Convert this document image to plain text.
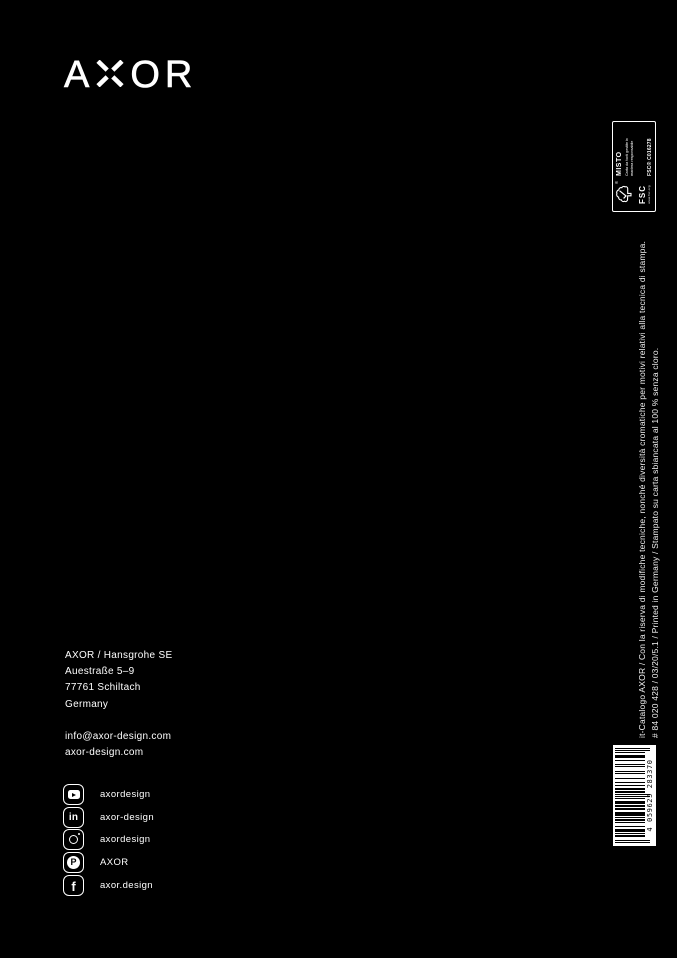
A OR
®
FSC www.fsc.org
MISTO Carta da fonti gestite in maniera responsabile	FSC® C016278
it-Catalogo AXOR / Con la riserva di modifiche tecniche, nonché diversità cromatiche per motivi relativi alla tecnica di stampa. # 84 020 428 / 03/20/5.1 / Printed in Germany / Stampato su carta sbiancata al 100 % senza cloro.
AXOR / Hansgrohe SE
Auestraße 5–9
77761 Schiltach
Germany
info@axor-design.com
axor-design.com
axordesign
in axor-design
axordesign
P	AXOR
f	axor.design
4 059625 283370
